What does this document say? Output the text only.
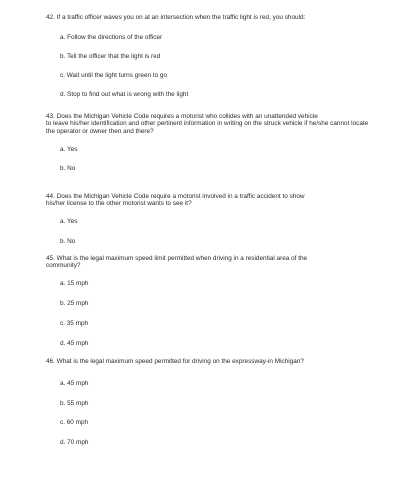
42. If a traffic officer waves you on at an intersection when the traffic light is red, you should:
a. Follow the directions of the officer
b. Tell the officer that the light is red
c. Wait until the light turns green to go
d. Stop to find out what is wrong with the light
43. Does the Michigan Vehicle Code requires a motorist who collides with an unattended vehicle
to leave his/her identification and other pertinent information in writing on the struck vehicle if he/she cannot locate
the operator or owner then and there?
a. Yes
b. No
44. Does the Michigan Vehicle Code require a motorist involved in a traffic accident to show
his/her license to the other motorist wants to see it?
a. Yes
b. No
45. What is the legal maximum speed limit permitted when driving in a residential area of the
community?
a. 15 mph
b. 25 mph
c. 35 mph
d. 45 mph
46. What is the legal maximum speed permitted for driving on the expressway-in Michigan?
a. 45 mph
b. 55 mph
c. 60 mph
d. 70 mph
